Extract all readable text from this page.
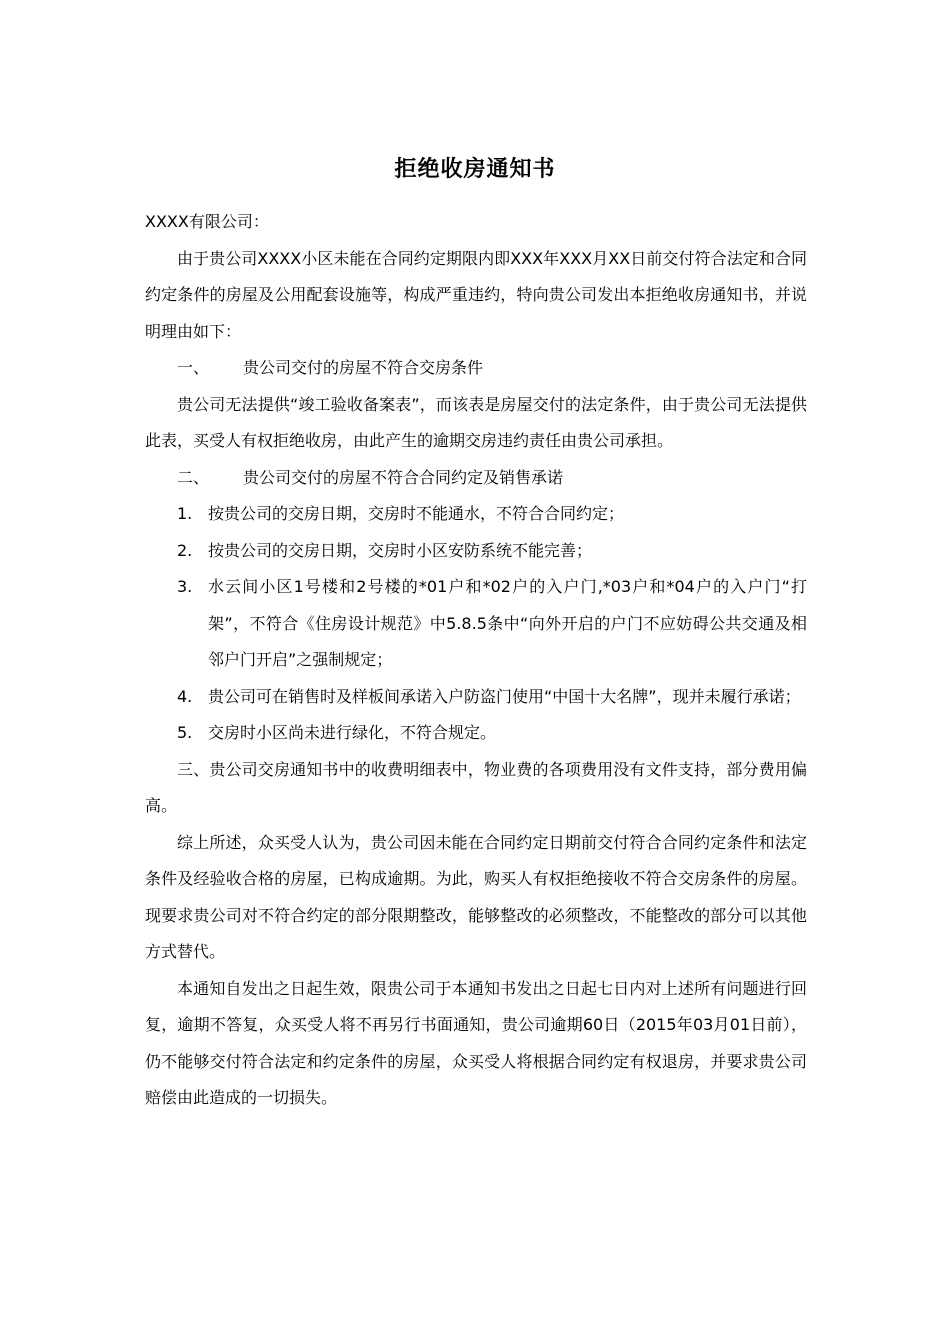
拒绝收房通知书

XXXX有限公司：

由于贵公司XXXX小区未能在合同约定期限内即XXX年XXX月XX日前交付符合法定和合同约定条件的房屋及公用配套设施等，构成严重违约，特向贵公司发出本拒绝收房通知书，并说明理由如下：

一、 贵公司交付的房屋不符合交房条件

贵公司无法提供“竣工验收备案表”，而该表是房屋交付的法定条件，由于贵公司无法提供此表，买受人有权拒绝收房，由此产生的逾期交房违约责任由贵公司承担。

二、 贵公司交付的房屋不符合合同约定及销售承诺

1. 按贵公司的交房日期，交房时不能通水，不符合合同约定；

2. 按贵公司的交房日期，交房时小区安防系统不能完善；

3. 水云间小区1号楼和2号楼的*01户和*02户的入户门,*03户和*04户的入户门“打架”，不符合《住房设计规范》中5.8.5条中“向外开启的户门不应妨碍公共交通及相邻户门开启”之强制规定；

4. 贵公司可在销售时及样板间承诺入户防盗门使用“中国十大名牌”，现并未履行承诺；

5. 交房时小区尚未进行绿化，不符合规定。

三、贵公司交房通知书中的收费明细表中，物业费的各项费用没有文件支持，部分费用偏高。

综上所述，众买受人认为，贵公司因未能在合同约定日期前交付符合合同约定条件和法定条件及经验收合格的房屋，已构成逾期。为此，购买人有权拒绝接收不符合交房条件的房屋。现要求贵公司对不符合约定的部分限期整改，能够整改的必须整改，不能整改的部分可以其他方式替代。

本通知自发出之日起生效，限贵公司于本通知书发出之日起七日内对上述所有问题进行回复，逾期不答复，众买受人将不再另行书面通知，贵公司逾期60日（2015年03月01日前），仍不能够交付符合法定和约定条件的房屋，众买受人将根据合同约定有权退房，并要求贵公司赔偿由此造成的一切损失。
